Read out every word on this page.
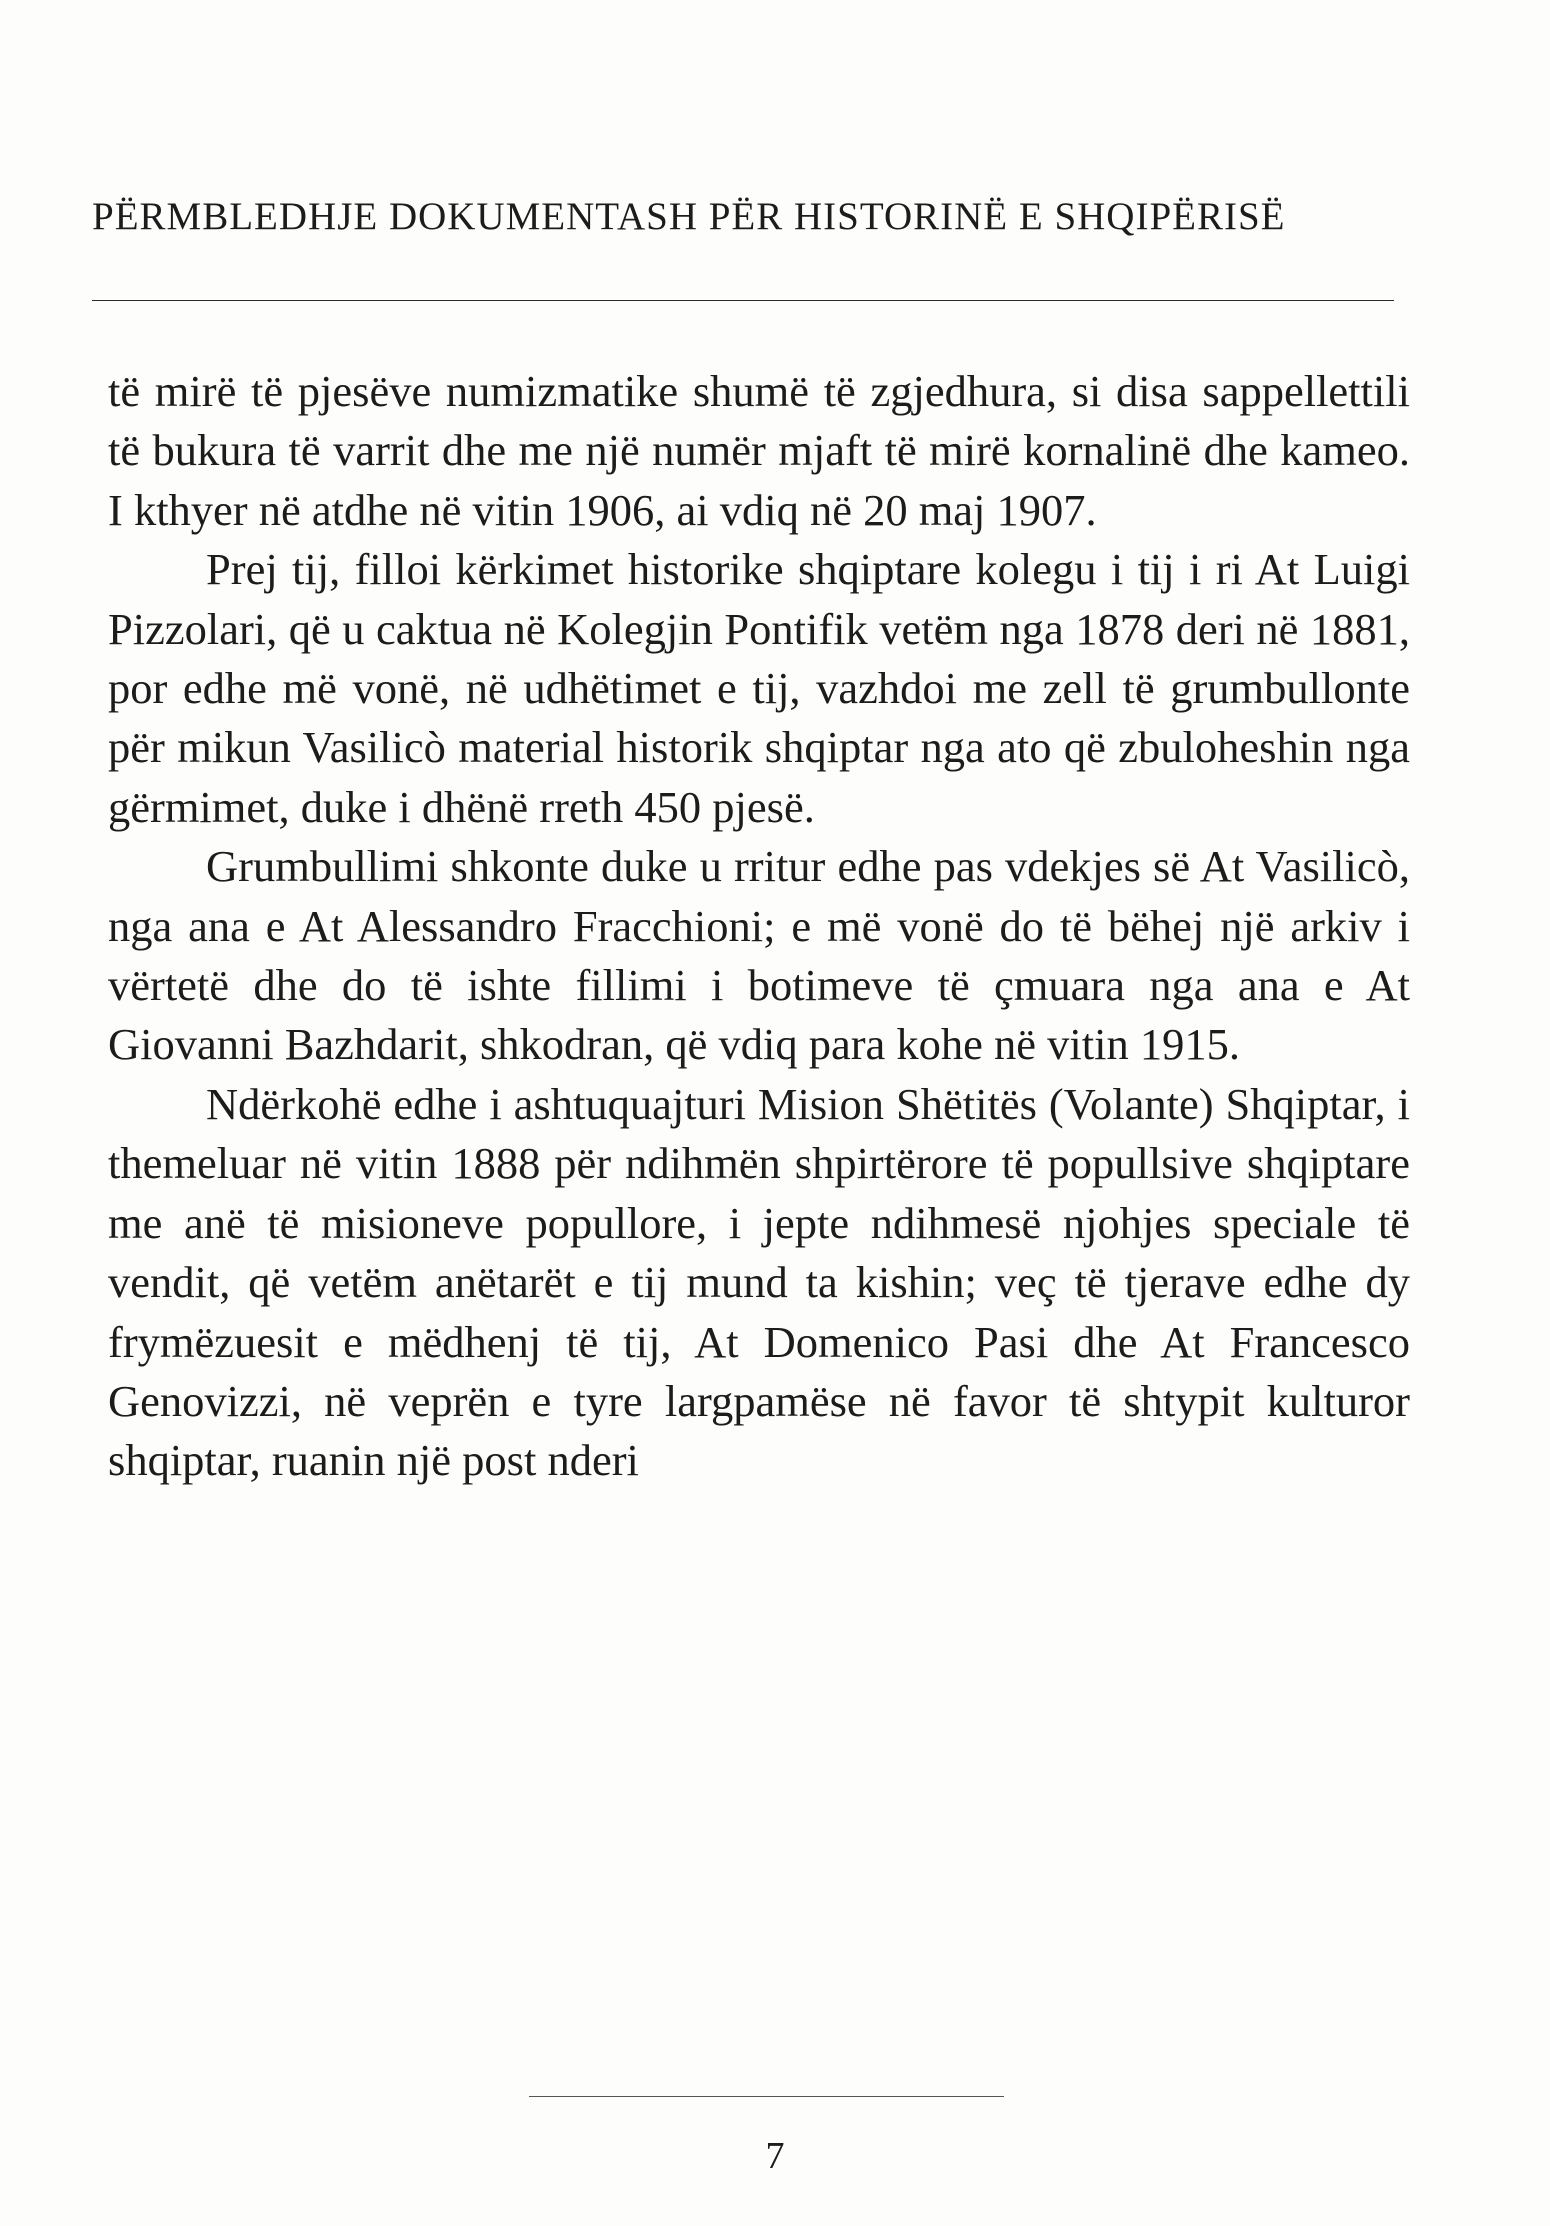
PËRMBLEDHJE DOKUMENTASH PËR HISTORINË E SHQIPËRISË

të mirë të pjesëve numizmatike shumë të zgjedhura, si disa sappellettili të bukura të varrit dhe me një numër mjaft të mirë kornalinë dhe kameo. I kthyer në atdhe në vitin 1906, ai vdiq në 20 maj 1907.

Prej tij, filloi kërkimet historike shqiptare kolegu i tij i ri At Luigi Pizzolari, që u caktua në Kolegjin Pontifik vetëm nga 1878 deri në 1881, por edhe më vonë, në udhëtimet e tij, vazhdoi me zell të grumbullonte për mikun Vasilicò material historik shqiptar nga ato që zbuloheshin nga gërmimet, duke i dhënë rreth 450 pjesë.

Grumbullimi shkonte duke u rritur edhe pas vdekjes së At Vasilicò, nga ana e At Alessandro Fracchioni; e më vonë do të bëhej një arkiv i vërtetë dhe do të ishte fillimi i botimeve të çmuara nga ana e At Giovanni Bazhdarit, shkodran, që vdiq para kohe në vitin 1915.

Ndërkohë edhe i ashtuquajturi Mision Shëtitës (Volante) Shqiptar, i themeluar në vitin 1888 për ndihmën shpirtërore të popullsive shqiptare me anë të misioneve popullore, i jepte ndihmesë njohjes speciale të vendit, që vetëm anëtarët e tij mund ta kishin; veç të tjerave edhe dy frymëzuesit e mëdhenj të tij, At Domenico Pasi dhe At Francesco Genovizzi, në veprën e tyre largpamëse në favor të shtypit kulturor shqiptar, ruanin një post nderi

7
